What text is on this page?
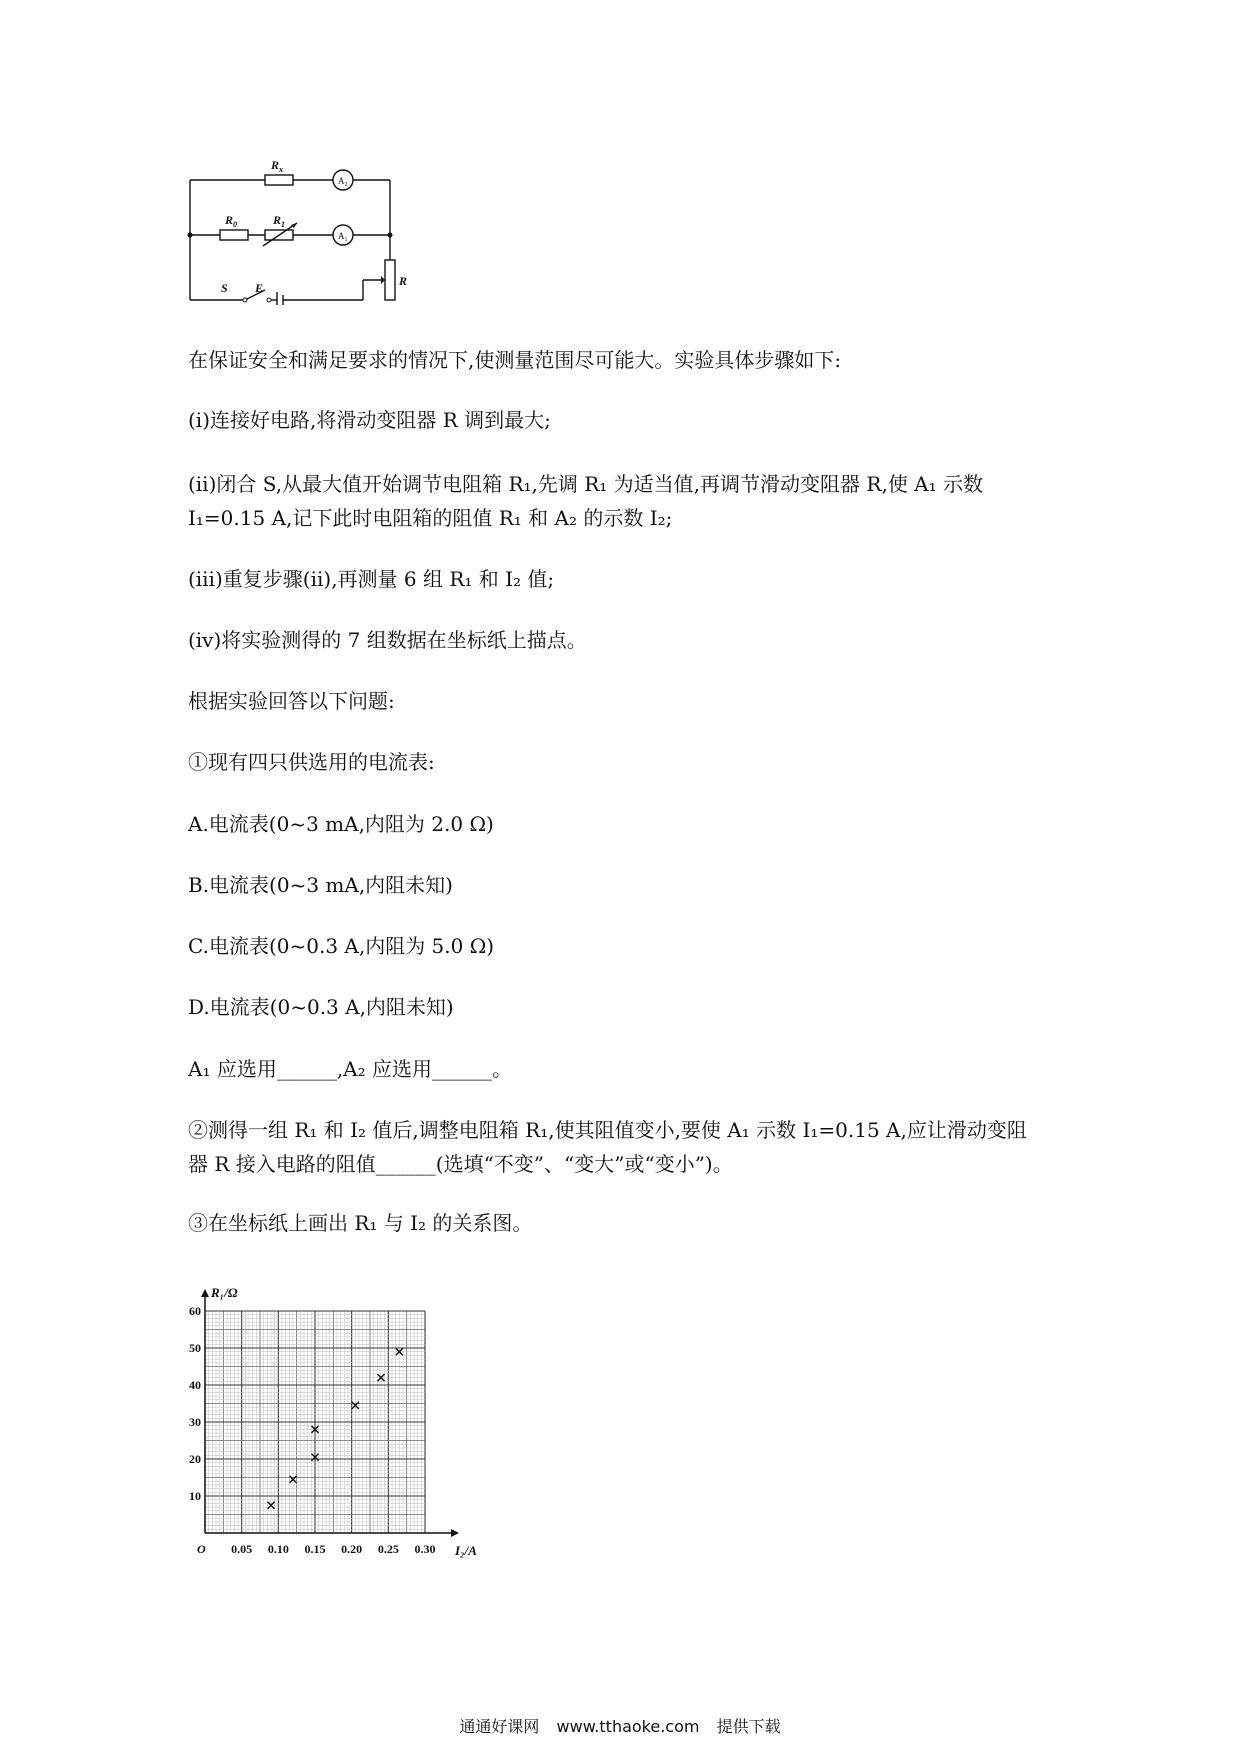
$R_x$
$R_0$	$R_1$
S E	R
$A_2$
$A_1$
在保证安全和满足要求的情况下,使测量范围尽可能大。实验具体步骤如下:
(ⅰ)连接好电路,将滑动变阻器 R 调到最大;
(ⅱ)闭合 S,从最大值开始调节电阻箱 R₁,先调 R₁ 为适当值,再调节滑动变阻器 R,使 A₁ 示数
I₁=0.15 A,记下此时电阻箱的阻值 R₁ 和 A₂ 的示数 I₂;
(ⅲ)重复步骤(ⅱ),再测量 6 组 R₁ 和 I₂ 值;
(ⅳ)将实验测得的 7 组数据在坐标纸上描点。
根据实验回答以下问题:
①现有四只供选用的电流表:
A.电流表(0~3 mA,内阻为 2.0 Ω)
B.电流表(0~3 mA,内阻未知)
C.电流表(0~0.3 A,内阻为 5.0 Ω)
D.电流表(0~0.3 A,内阻未知)
A₁ 应选用______,A₂ 应选用______。
②测得一组 R₁ 和 I₂ 值后,调整电阻箱 R₁,使其阻值变小,要使 A₁ 示数 I₁=0.15 A,应让滑动变阻
器 R 接入电路的阻值______(选填“不变”、“变大”或“变小”)。
③在坐标纸上画出 R₁ 与 I₂ 的关系图。
0.05 0.10 0.15 0.20 0.25 0.30
10
20
30
40
50
60
O
R₁/Ω
I₂/A
通通好课网 www.tthaoke.com 提供下载
